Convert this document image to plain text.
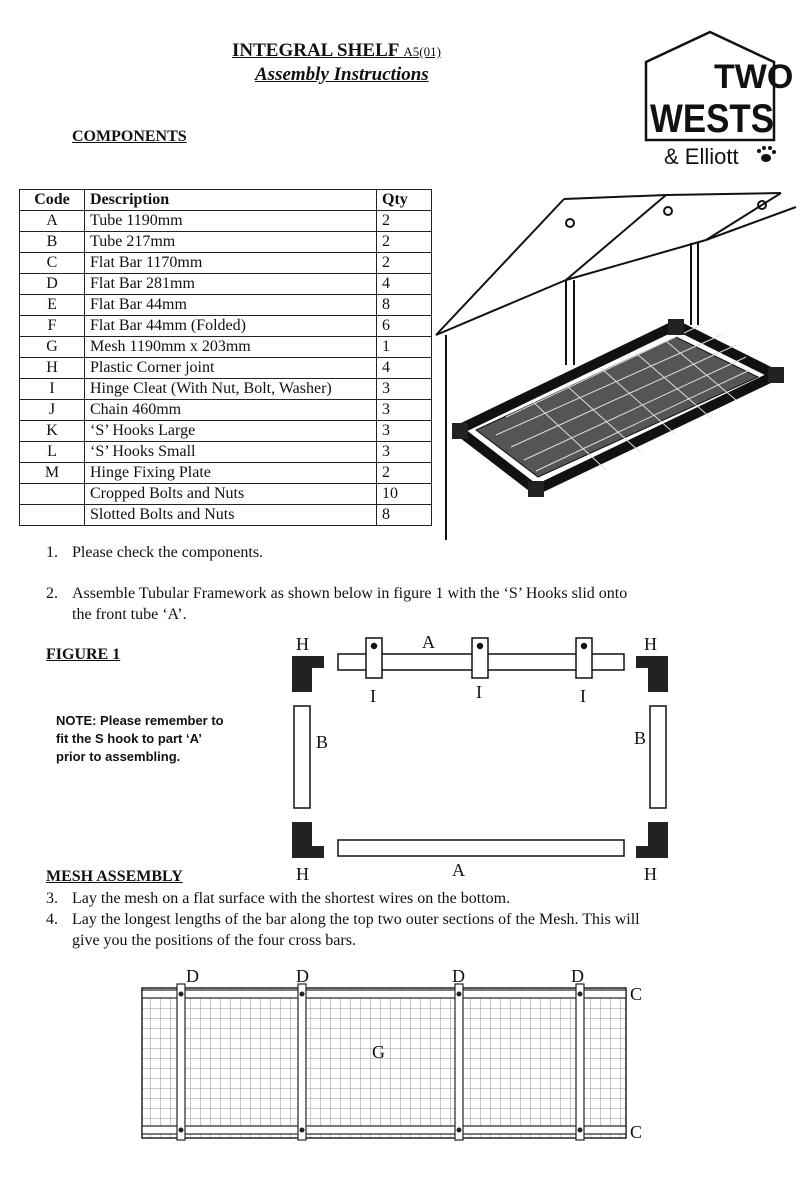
INTEGRAL SHELF A5(01)
Assembly Instructions	TWO
WESTS
& Elliott
COMPONENTS
Code	Description	Qty
A	Tube 1190mm	2
B	Tube 217mm	2
C	Flat Bar 1170mm	2
D	Flat Bar 281mm	4
E	Flat Bar 44mm	8
F	Flat Bar 44mm (Folded)	6
G	Mesh 1190mm x 203mm	1
H	Plastic Corner joint	4
I	Hinge Cleat (With Nut, Bolt, Washer)	3
J	Chain 460mm	3
K	‘S’ Hooks Large	3
L	‘S’ Hooks Small	3
M	Hinge Fixing Plate	2
	Cropped Bolts and Nuts	10
	Slotted Bolts and Nuts	8
1. Please check the components.
2. Assemble Tubular Framework as shown below in figure 1 with the ‘S’ Hooks slid onto
the front tube ‘A’.
FIGURE 1
NOTE: Please remember to
fit the S hook to part ‘A’
prior to assembling.
H	H
H	H
A
A
B	B
I	I	I
MESH ASSEMBLY
3. Lay the mesh on a flat surface with the shortest wires on the bottom.
4. Lay the longest lengths of the bar along the top two outer sections of the Mesh. This will
give you the positions of the four cross bars.
D	D	D	D
C
C
G
